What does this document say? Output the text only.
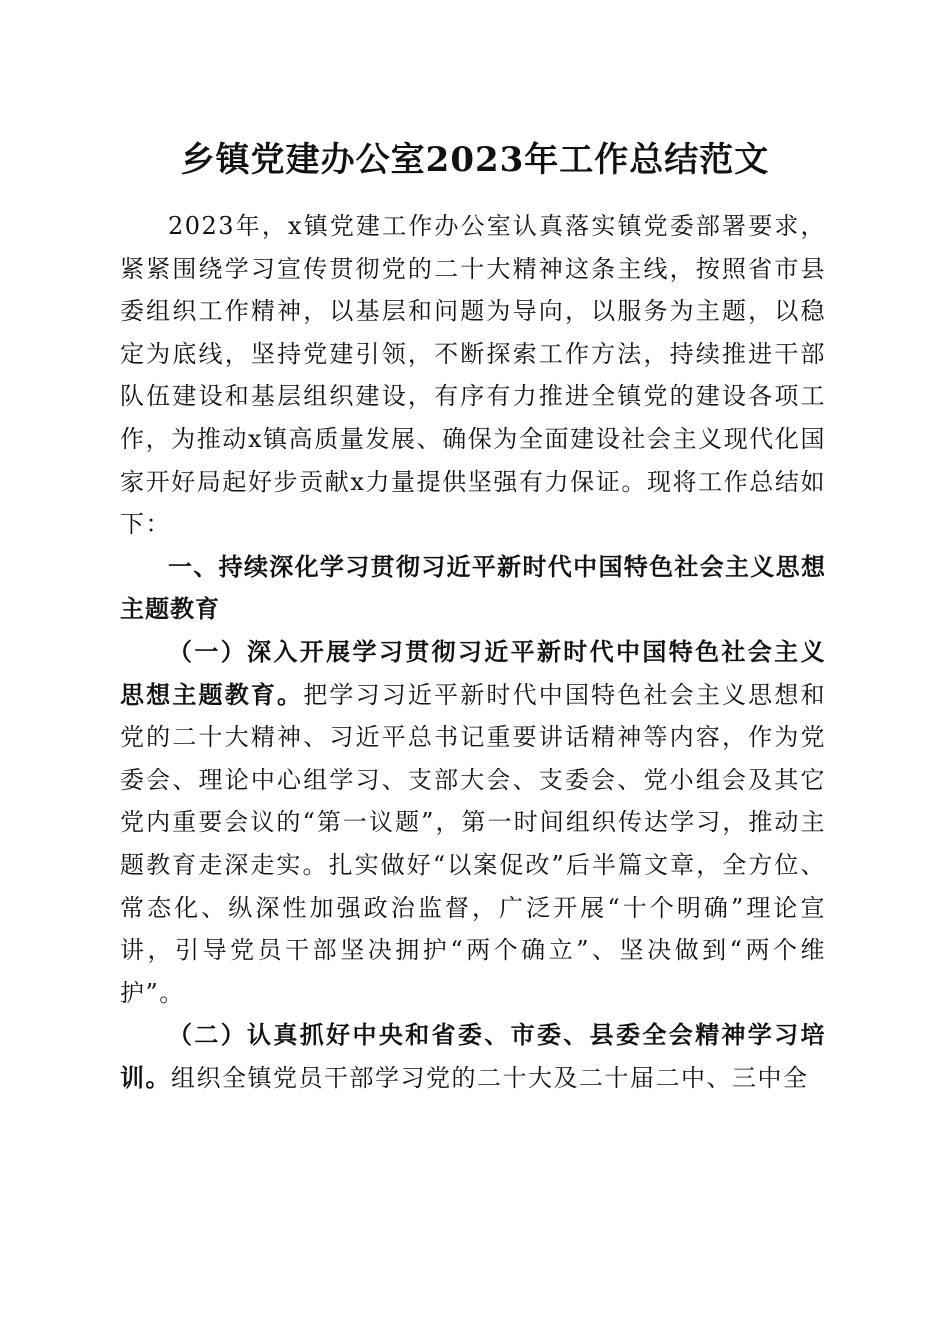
乡镇党建办公室2023年工作总结范文

2023年，x镇党建工作办公室认真落实镇党委部署要求，紧紧围绕学习宣传贯彻党的二十大精神这条主线，按照省市县委组织工作精神，以基层和问题为导向，以服务为主题，以稳定为底线，坚持党建引领，不断探索工作方法，持续推进干部队伍建设和基层组织建设，有序有力推进全镇党的建设各项工作，为推动x镇高质量发展、确保为全面建设社会主义现代化国家开好局起好步贡献x力量提供坚强有力保证。现将工作总结如下：

一、持续深化学习贯彻习近平新时代中国特色社会主义思想主题教育

（一）深入开展学习贯彻习近平新时代中国特色社会主义思想主题教育。把学习习近平新时代中国特色社会主义思想和党的二十大精神、习近平总书记重要讲话精神等内容，作为党委会、理论中心组学习、支部大会、支委会、党小组会及其它党内重要会议的“第一议题”，第一时间组织传达学习，推动主题教育走深走实。扎实做好“以案促改”后半篇文章，全方位、常态化、纵深性加强政治监督，广泛开展“十个明确”理论宣讲，引导党员干部坚决拥护“两个确立”、坚决做到“两个维护”。

（二）认真抓好中央和省委、市委、县委全会精神学习培训。组织全镇党员干部学习党的二十大及二十届二中、三中全
